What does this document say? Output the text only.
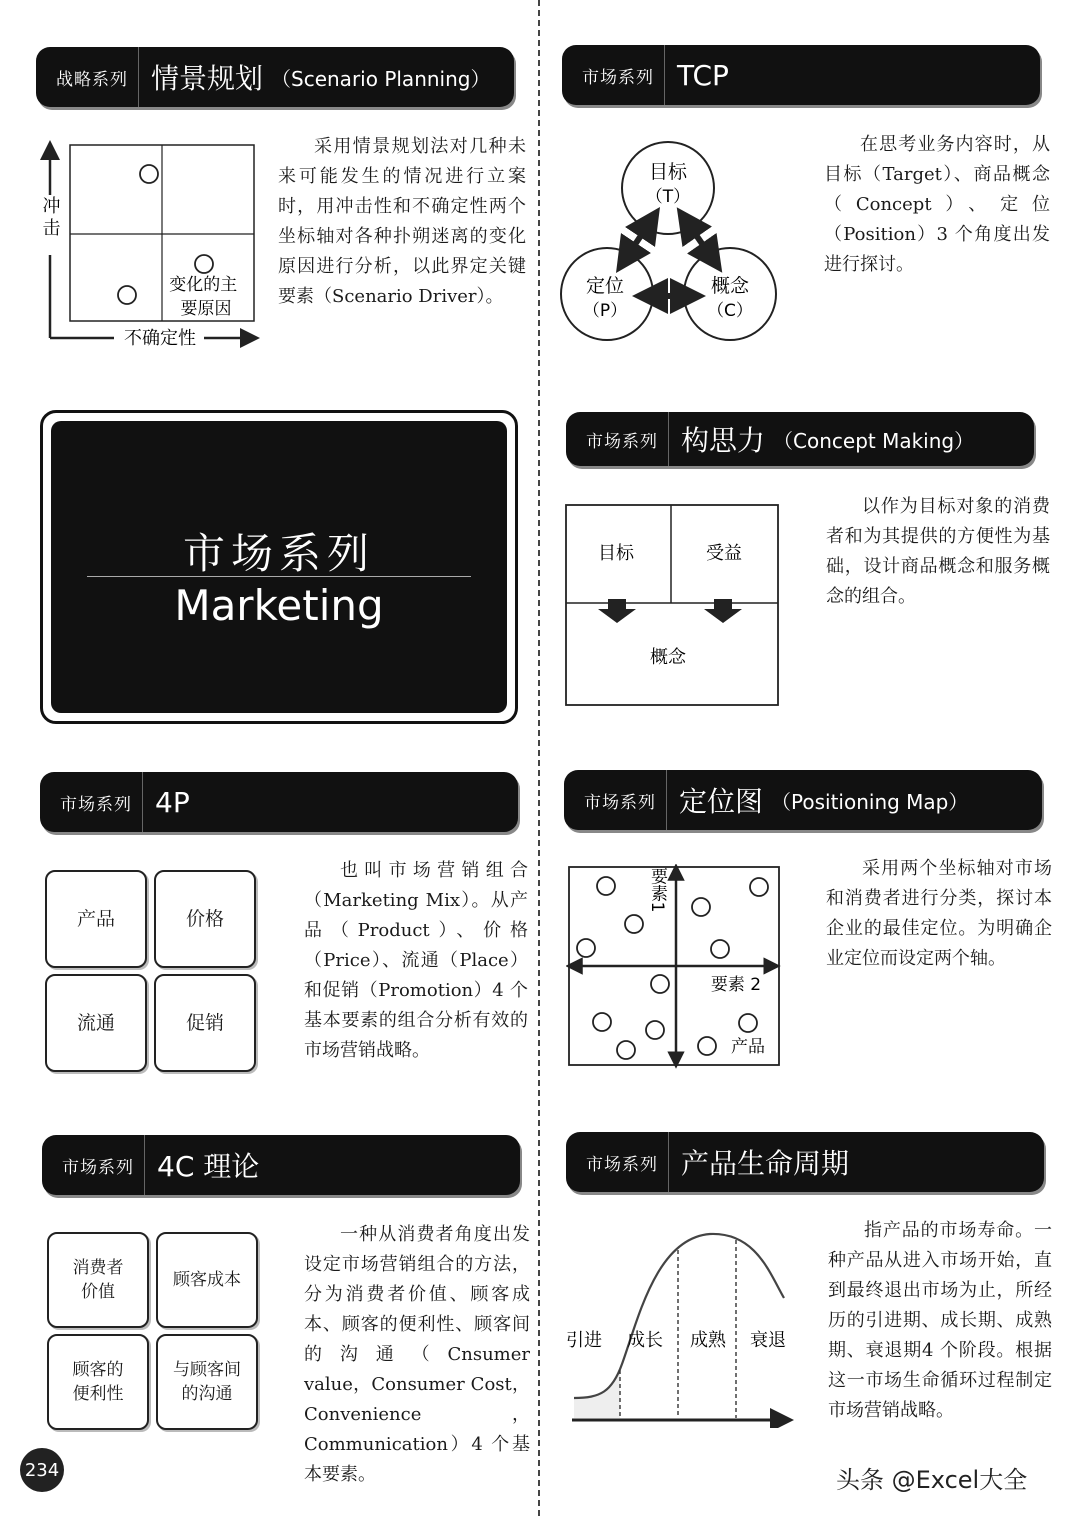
战略系列 情景规划 （Scenario Planning）
冲击
不确定性
变化的主 要原因

采用情景规划法对几种未来可能发生的情况进行立案时，用冲击性和不确定性两个坐标轴对各种扑朔迷离的变化原因进行分析，以此界定关键要素（Scenario Driver）。

市场系列 TCP
目标
（T）
定位
（P）
概念
（C）

在思考业务内容时，从目标（Target）、商品概念（Concept）、定位（Position）3 个角度出发进行探讨。

市场系列
Marketing
市场系列 构思力 （Concept Making）
目标	受益
概念

以作为目标对象的消费者和为其提供的方便性为基础，设计商品概念和服务概念的组合。

市场系列 4P
产品	价格
流通	促销

也叫市场营销组合（Marketing Mix）。从产品（Product）、价格（Price）、流通（Place）和促销（Promotion）4 个基本要素的组合分析有效的市场营销战略。

市场系列 定位图 （Positioning Map）
要素1
要素 2
产品

采用两个坐标轴对市场和消费者进行分类，探讨本企业的最佳定位。为明确企业定位而设定两个轴。

市场系列 4C 理论
消费者
价值
顾客成本
顾客的
便利性
与顾客间
的沟通

一种从消费者角度出发设定市场营销组合的方法，分为消费者价值、顾客成本、顾客的便利性、顾客间的沟通（Cnsumer value，Consumer Cost，Convenience，Communication）4 个基本要素。

市场系列 产品生命周期
引进 成长 成熟 衰退

指产品的市场寿命。一种产品从进入市场开始，直到最终退出市场为止，所经历的引进期、成长期、成熟期、衰退期4 个阶段。根据这一市场生命循环过程制定市场营销战略。

234	头条 @Excel大全
